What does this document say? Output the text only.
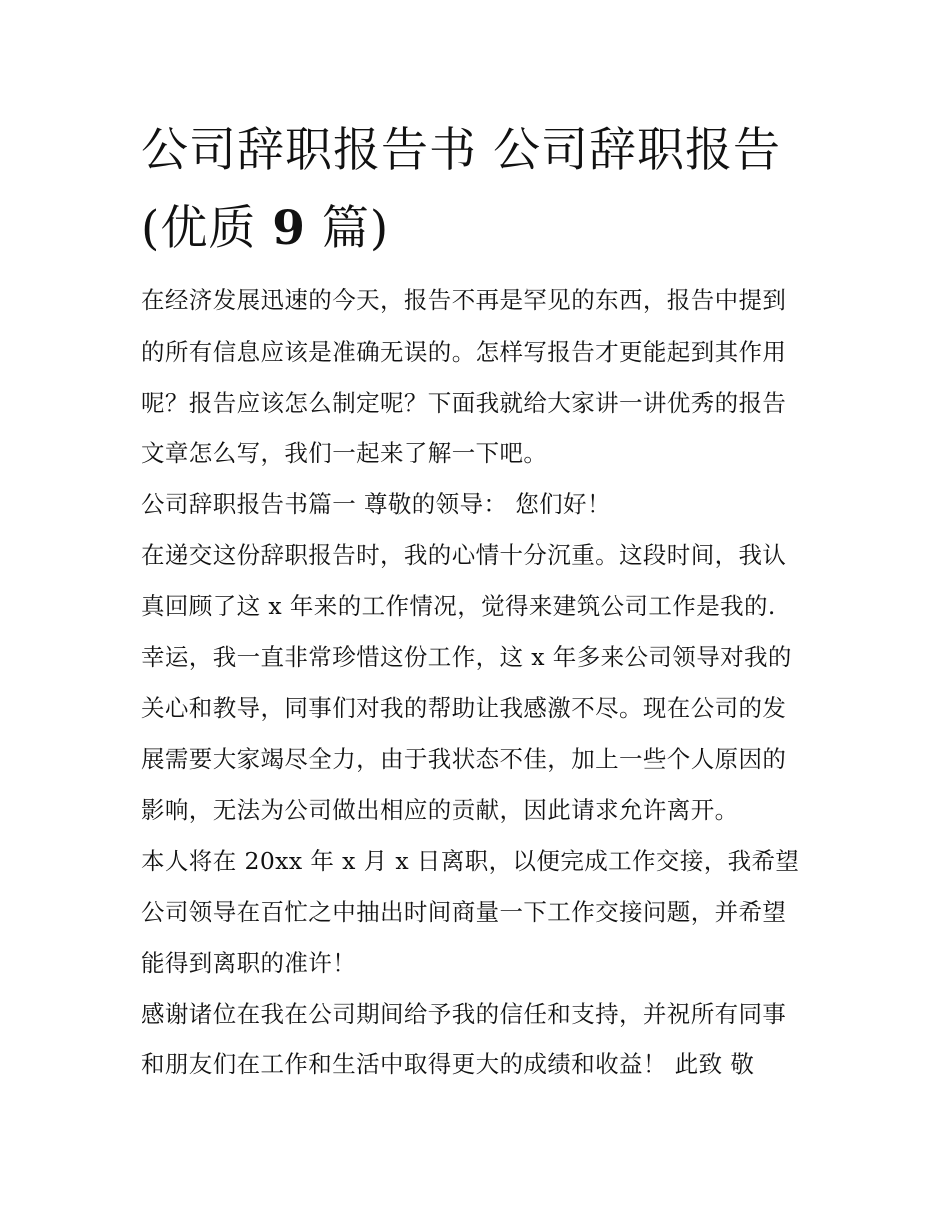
公司辞职报告书 公司辞职报告
(优质 9 篇)

在经济发展迅速的今天，报告不再是罕见的东西，报告中提到

的所有信息应该是准确无误的。怎样写报告才更能起到其作用

呢？报告应该怎么制定呢？下面我就给大家讲一讲优秀的报告

文章怎么写，我们一起来了解一下吧。

公司辞职报告书篇一 尊敬的领导： 您们好！

在递交这份辞职报告时，我的心情十分沉重。这段时间，我认

真回顾了这 x 年来的工作情况，觉得来建筑公司工作是我的.

幸运，我一直非常珍惜这份工作，这 x 年多来公司领导对我的

关心和教导，同事们对我的帮助让我感激不尽。现在公司的发

展需要大家竭尽全力，由于我状态不佳，加上一些个人原因的

影响，无法为公司做出相应的贡献，因此请求允许离开。

本人将在 20xx 年 x 月 x 日离职，以便完成工作交接，我希望

公司领导在百忙之中抽出时间商量一下工作交接问题，并希望

能得到离职的准许！

感谢诸位在我在公司期间给予我的信任和支持，并祝所有同事

和朋友们在工作和生活中取得更大的成绩和收益！ 此致 敬
